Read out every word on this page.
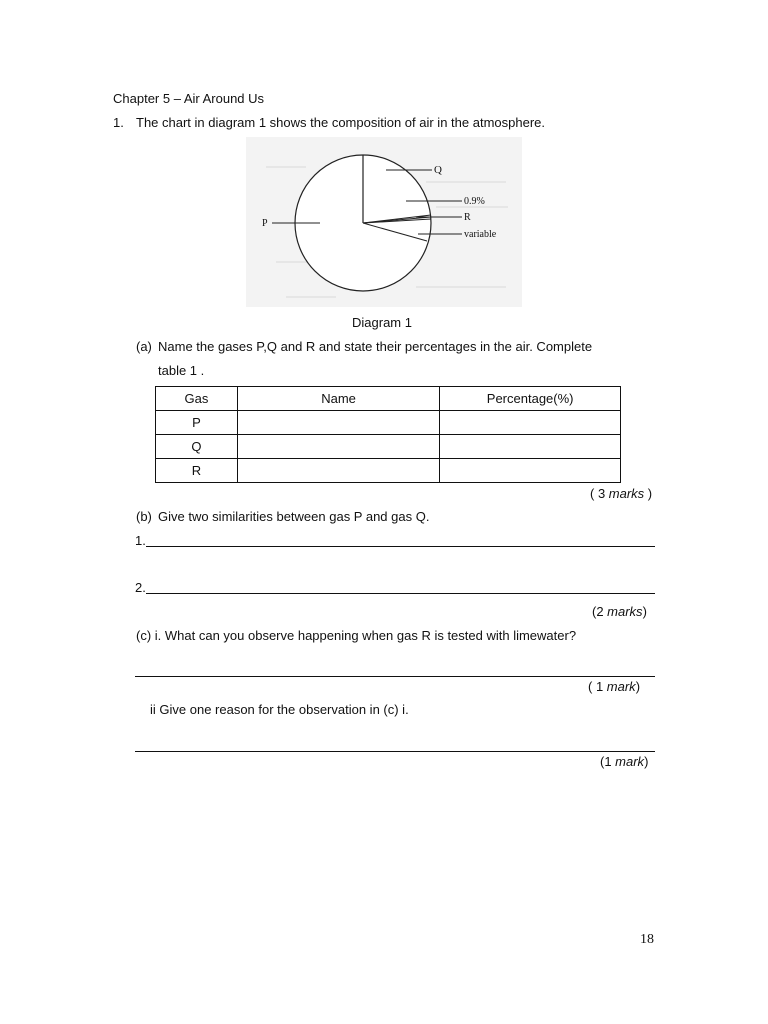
Chapter 5 – Air Around Us
1. The chart in diagram 1 shows the composition of air in the atmosphere.
Q
0.9%
R
variable
P
Diagram 1
(a) Name the gases P,Q and R and state their percentages in the air. Complete
table 1 .
Gas	Name	Percentage(%)
P		
Q		
R		
( 3 marks )
(b) Give two similarities between gas P and gas Q.
1.
2.
(2 marks)
(c) i. What can you observe happening when gas R is tested with limewater?
( 1 mark)
ii Give one reason for the observation in (c) i.
(1 mark)
18
